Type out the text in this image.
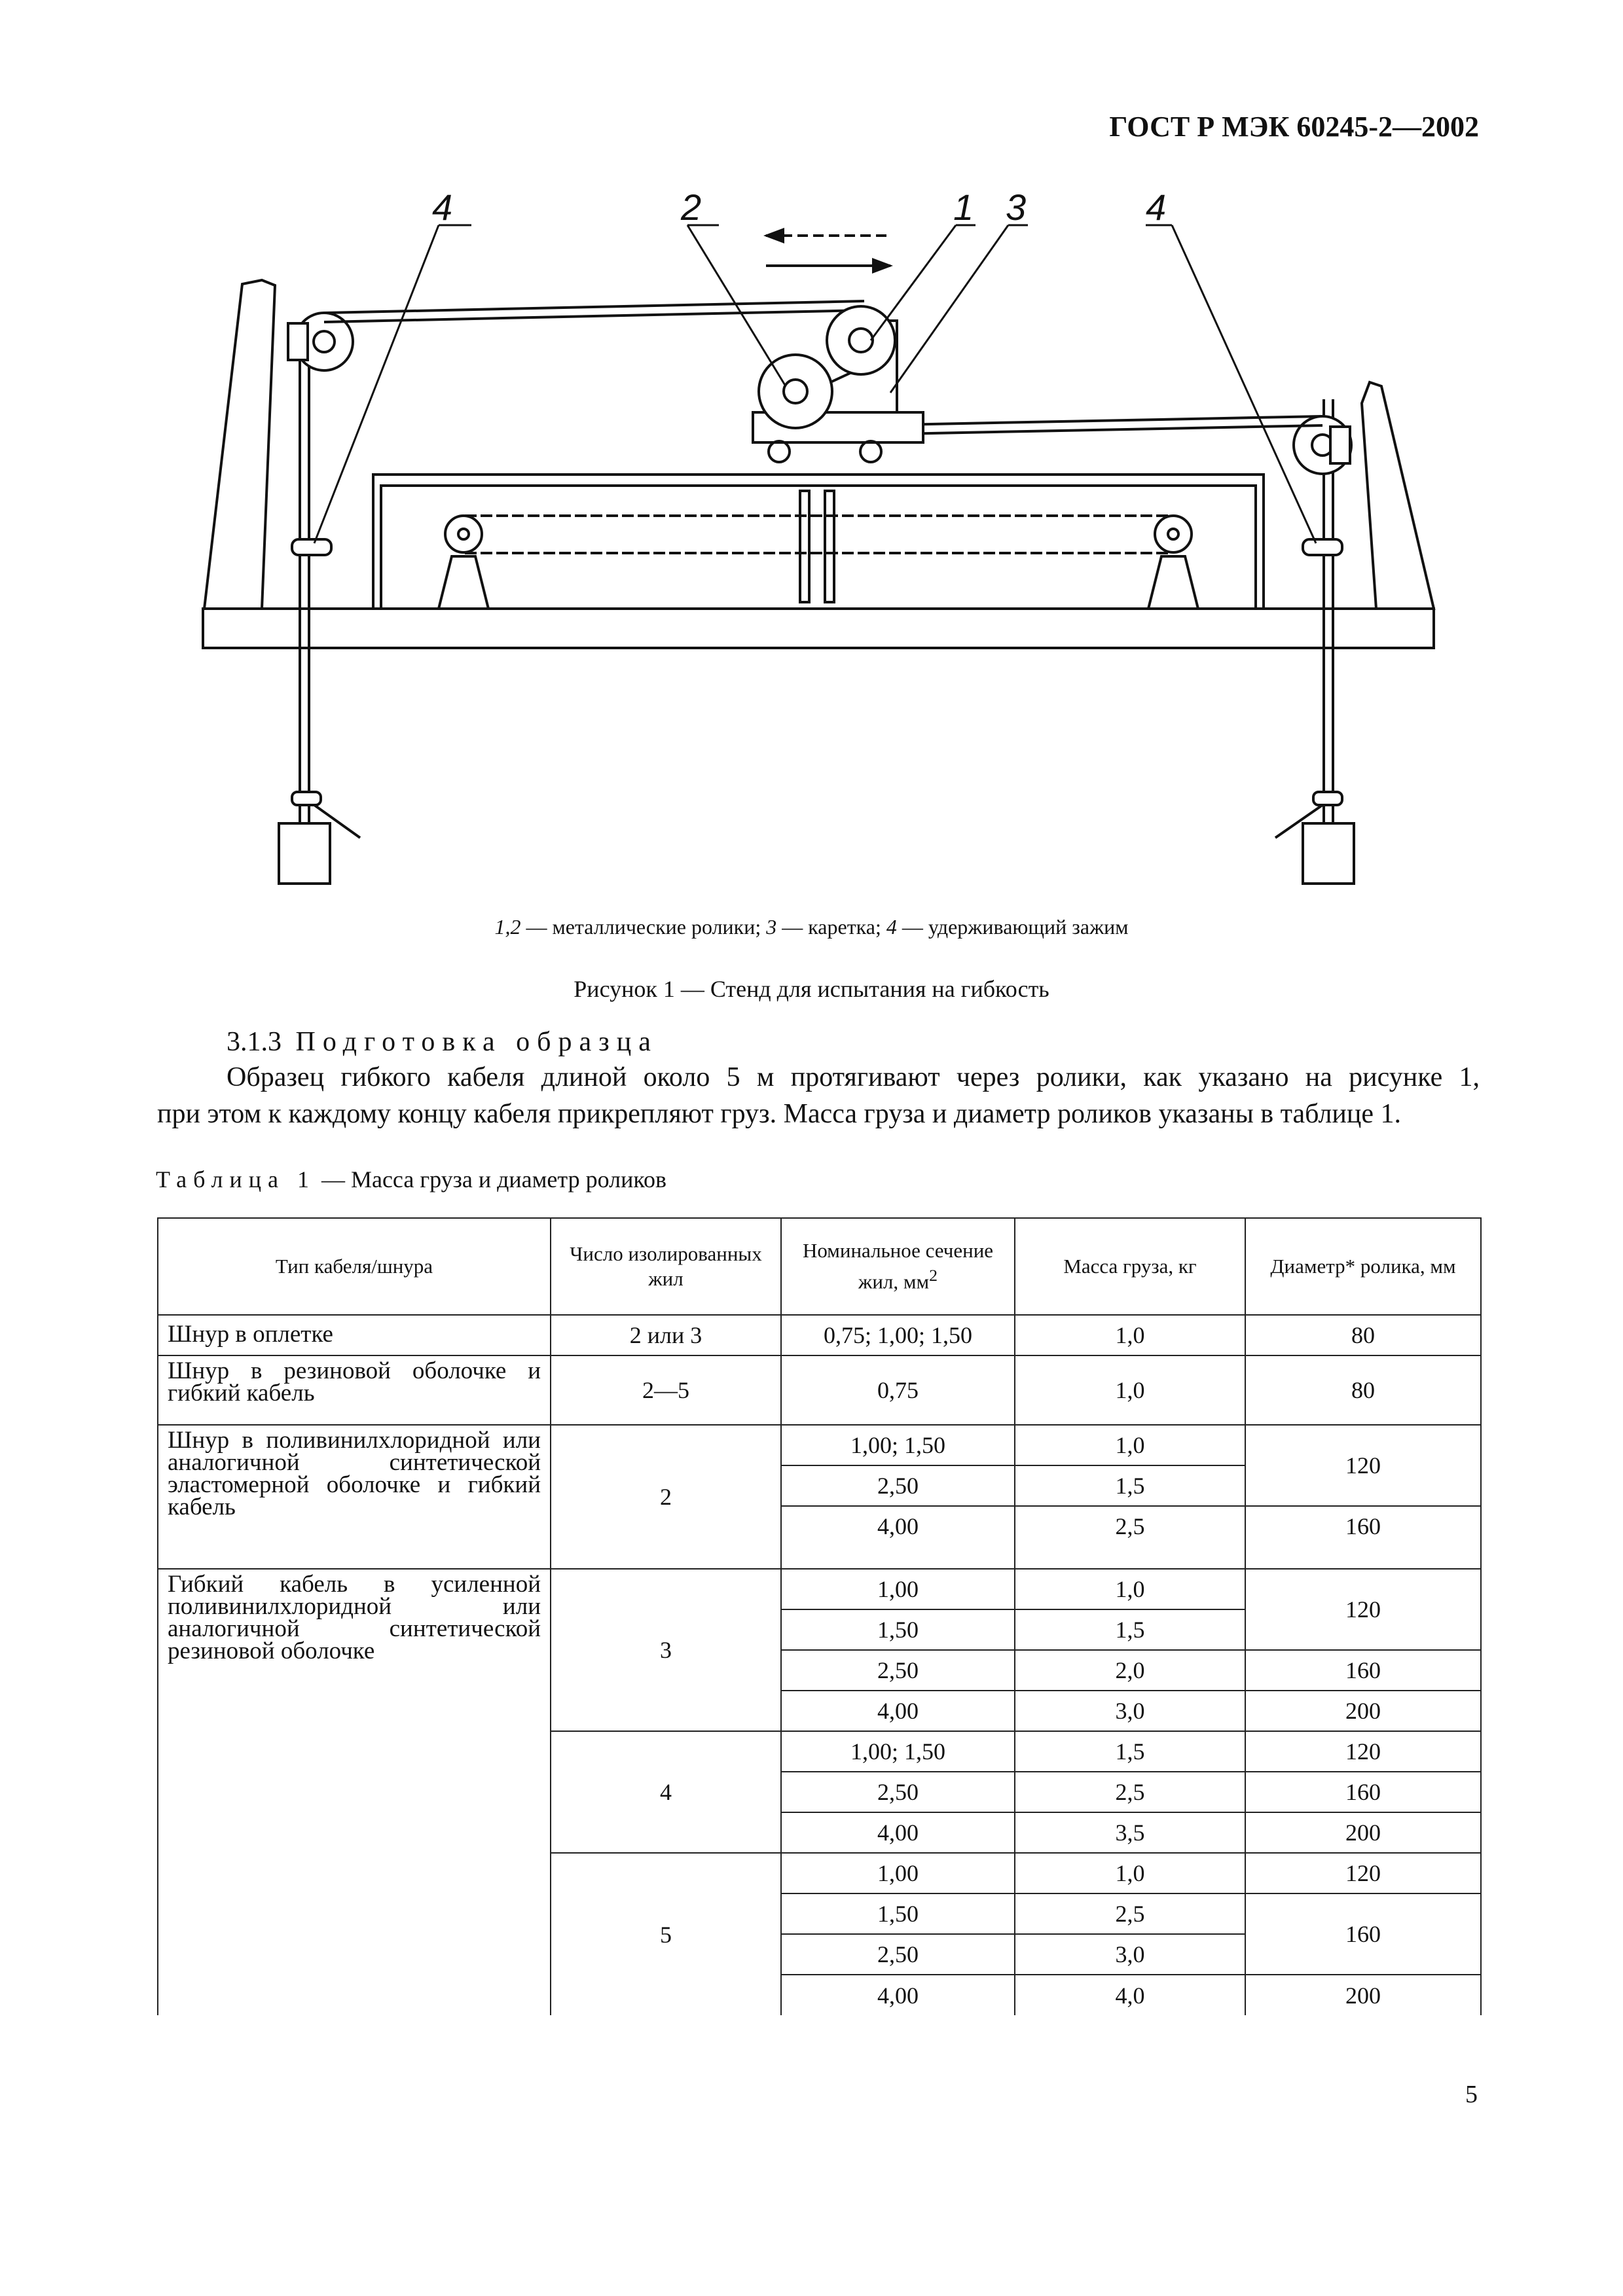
ГОСТ Р МЭК 60245-2—2002
4	2	1 3	4
1,2 — металлические ролики; 3 — каретка; 4 — удерживающий зажим
Рисунок 1 — Стенд для испытания на гибкость
3.1.3 Подготовка образца
Образец гибкого кабеля длиной около 5 м протягивают через ролики, как указано на рисунке 1,
при этом к каждому концу кабеля прикрепляют груз. Масса груза и диаметр роликов указаны в таблице 1.
Таблица 1 — Масса груза и диаметр роликов
Тип кабеля/шнура	Число изолированных жил	Номинальное сечение жил, $мм^2$	Масса груза, кг	Диаметр* ролика, мм
Шнур в оплетке	2 или 3	0,75; 1,00; 1,50	1,0	80
Шнур в резиновой оболочке и гибкий кабель	2—5	0,75	1,0	80
Шнур в поливинилхлоридной или аналогичной синтетической эластомерной оболочке и гибкий кабель	2	1,00; 1,50	1,0	120
		2,50	1,5	
		4,00	2,5	160
Гибкий кабель в усиленной поливинилхлоридной или аналогичной синтетической резиновой оболочке	3	1,00	1,0	120
		1,50	1,5	
		2,50	2,0	160
		4,00	3,0	200
	4	1,00; 1,50	1,5	120
		2,50	2,5	160
		4,00	3,5	200
	5	1,00	1,0	120
		1,50	2,5	160
		2,50	3,0	
		4,00	4,0	200
5
